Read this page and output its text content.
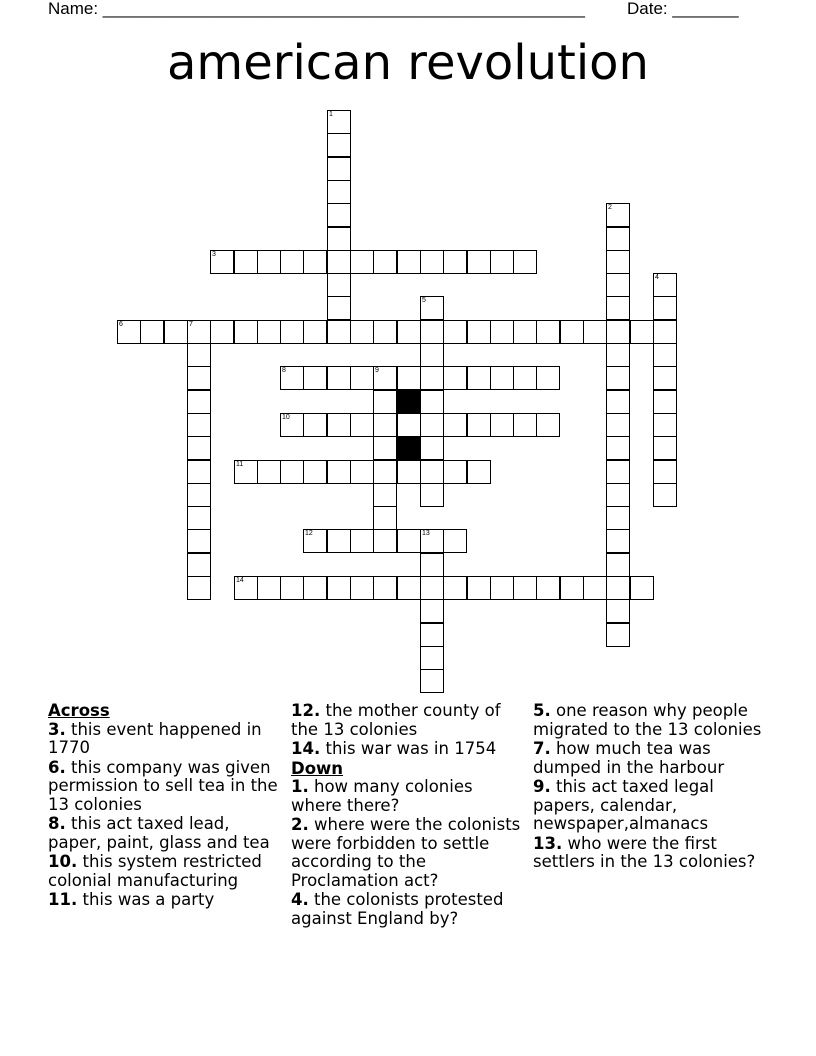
Name: ___________________________________________________ Date: _______
american revolution
3
6	7
8	9
10
11
12	13
14
1
2
4
5
Across
3. this event happened in 1770
6. this company was given permission to sell tea in the 13 colonies
8. this act taxed lead, paper, paint, glass and tea
10. this system restricted colonial manufacturing
11. this was a party
12. the mother county of the 13 colonies
14. this war was in 1754
Down
1. how many colonies where there?
2. where were the colonists were forbidden to settle according to the Proclamation act?
4. the colonists protested against England by?
5. one reason why people migrated to the 13 colonies
7. how much tea was dumped in the harbour
9. this act taxed legal papers, calendar, newspaper,almanacs
13. who were the first settlers in the 13 colonies?
